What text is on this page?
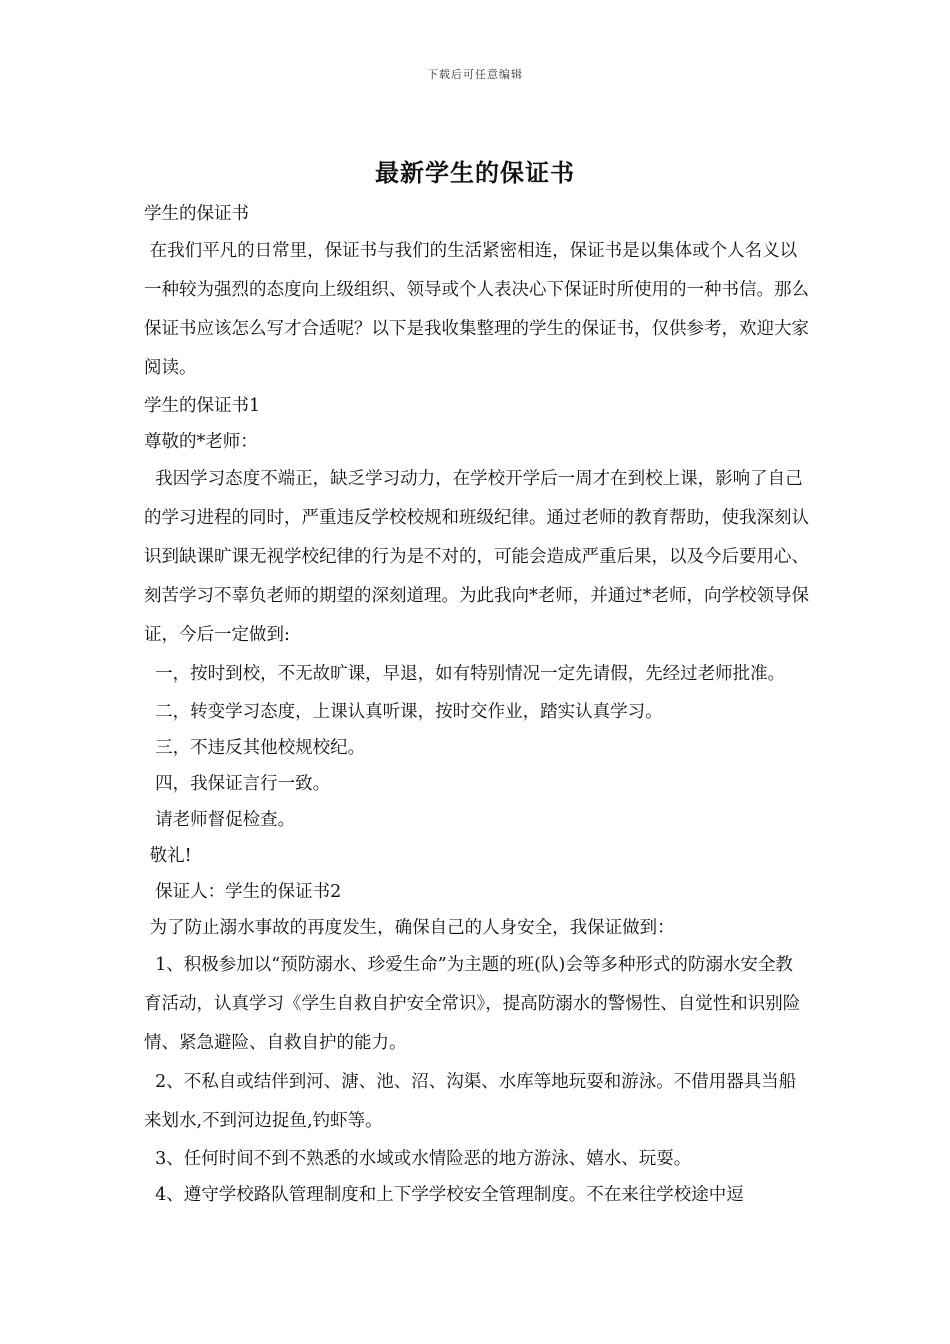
下载后可任意编辑
最新学生的保证书

学生的保证书

在我们平凡的日常里，保证书与我们的生活紧密相连，保证书是以集体或个人名义以一种较为强烈的态度向上级组织、领导或个人表决心下保证时所使用的一种书信。那么保证书应该怎么写才合适呢？以下是我收集整理的学生的保证书，仅供参考，欢迎大家阅读。

学生的保证书1

尊敬的*老师：

我因学习态度不端正，缺乏学习动力，在学校开学后一周才在到校上课，影响了自己的学习进程的同时，严重违反学校校规和班级纪律。通过老师的教育帮助，使我深刻认识到缺课旷课无视学校纪律的行为是不对的，可能会造成严重后果，以及今后要用心、刻苦学习不辜负老师的期望的深刻道理。为此我向*老师，并通过*老师，向学校领导保证，今后一定做到:

一，按时到校，不无故旷课，早退，如有特别情况一定先请假，先经过老师批准。

二，转变学习态度，上课认真听课，按时交作业，踏实认真学习。

三，不违反其他校规校纪。

四，我保证言行一致。

请老师督促检查。

敬礼!

保证人：学生的保证书2

为了防止溺水事故的再度发生，确保自己的人身安全，我保证做到：

1、积极参加以“预防溺水、珍爱生命”为主题的班(队)会等多种形式的防溺水安全教育活动，认真学习《学生自救自护安全常识》，提高防溺水的警惕性、自觉性和识别险情、紧急避险、自救自护的能力。

2、不私自或结伴到河、溏、池、沼、沟渠、水库等地玩耍和游泳。不借用器具当船来划水,不到河边捉鱼,钓虾等。

3、任何时间不到不熟悉的水域或水情险恶的地方游泳、嬉水、玩耍。

4、遵守学校路队管理制度和上下学学校安全管理制度。不在来往学校途中逗
